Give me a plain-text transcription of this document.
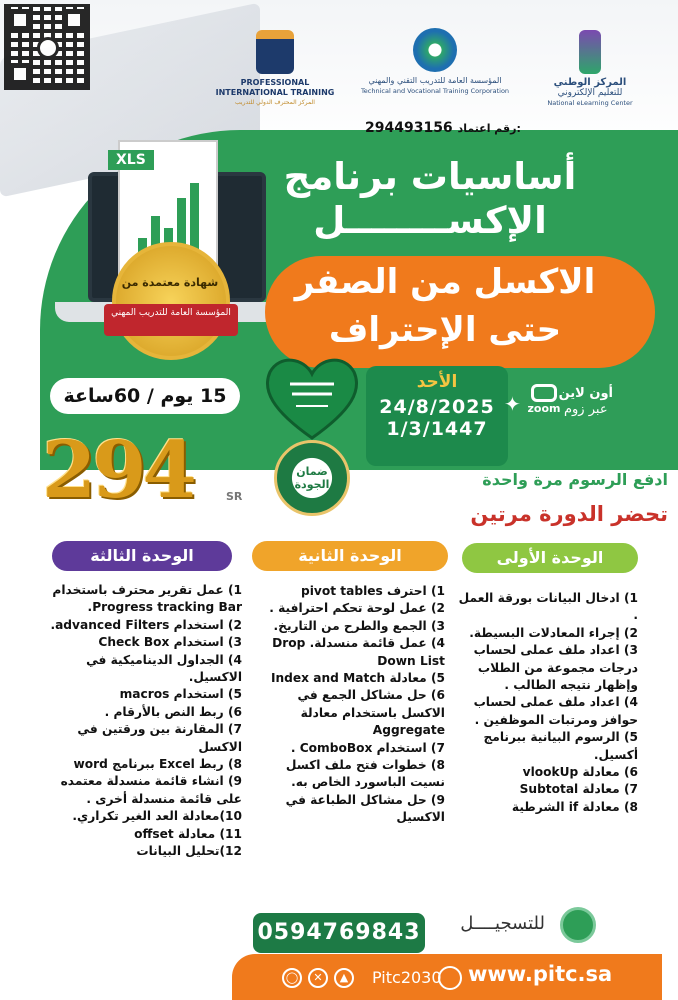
PROFESSIONAL
INTERNATIONAL TRAINING
المركز المحترف الدولي للتدريب
المؤسسة العامة للتدريب التقني والمهني
Technical and Vocational Training Corporation
المركز الوطني
للتعليم الإلكتروني
National eLearning Center
294493156 رقم اعتماد:
XLS
شهادة معتمدة من
المؤسسة العامة للتدريب المهني
أساسيات برنامج
الإكســــــــل
الاكسل من الصفر
حتى الإحتراف
15 يوم / 60ساعة
ضمان
الجودة
الأحد
24/8/2025
1/3/1447
✦	أون لاين
عبر زوم
zoom
294	SR
ادفع الرسوم مرة واحدة
تحضر الدورة مرتين
الوحدة الأولى
الوحدة الثانية
الوحدة الثالثة
1) ادخال البيانات بورقة العمل .
2) إجراء المعادلات البسيطة.
3) اعداد ملف عملى لحساب درجات مجموعة من الطلاب وإظهار نتيجه الطالب .
4) اعداد ملف عملى لحساب حوافز ومرتبات الموظفين .
5) الرسوم البيانية ببرنامج أكسيل.
6) معادلة vlookUp
7) معادلة Subtotal
8) معادلة if الشرطية
1) احترف pivot tables
2) عمل لوحة تحكم احترافية .
3) الجمع والطرح من التاريخ.
4) عمل قائمة منسدلة. Drop Down List
5) معادلة Index and Match
6) حل مشاكل الجمع في الاكسل باستخدام معادلة Aggregate
7) استخدام ComboBox .
8) خطوات فتح ملف اكسل نسيت الباسورد الخاص به.
9) حل مشاكل الطباعة في الاكسيل
1) عمل تقرير محترف باستخدام Progress tracking Bar.
2) استخدام advanced Filters.
3) استخدام Check Box
4) الجداول الديناميكية في الاكسيل.
5) استخدام macros
6) ربط النص بالأرقام .
7) المقارنة بين ورقتين في الاكسل
8) ربط Excel ببرنامج word
9) انشاء قائمة منسدلة معتمده على قائمة منسدلة أخرى .
10)معادلة العد الغير تكراري.
11) معادلة offset
12)تحليل البيانات
0594769843 للتسجيــــل
◯	✕	▲	Pitc2030 www.pitc.sa
